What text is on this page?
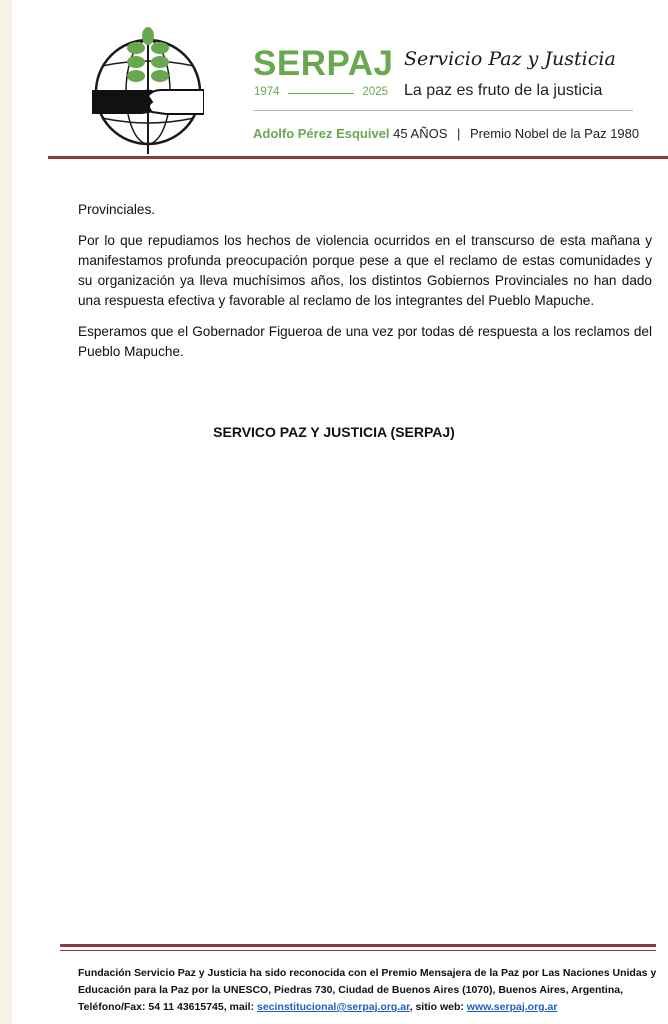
SERPAJ
1974	2025
Servicio Paz y Justicia
La paz es fruto de la justicia
Adolfo Pérez Esquivel 45 AÑOS | Premio Nobel de la Paz 1980

Provinciales.

Por lo que repudiamos los hechos de violencia ocurridos en el transcurso de esta mañana y manifestamos profunda preocupación porque pese a que el reclamo de estas comunidades y su organización ya lleva muchísimos años, los distintos Gobiernos Provinciales no han dado una respuesta efectiva y favorable al reclamo de los integrantes del Pueblo Mapuche.

Esperamos que el Gobernador Figueroa de una vez por todas dé respuesta a los reclamos del Pueblo Mapuche.

SERVICO PAZ Y JUSTICIA (SERPAJ)
Fundación Servicio Paz y Justicia ha sido reconocida con el Premio Mensajera de la Paz por Las Naciones Unidas y Educación para la Paz por la UNESCO, Piedras 730, Ciudad de Buenos Aires (1070), Buenos Aires, Argentina, Teléfono/Fax: 54 11 43615745, mail: secinstitucional@serpaj.org.ar, sitio web: www.serpaj.org.ar
